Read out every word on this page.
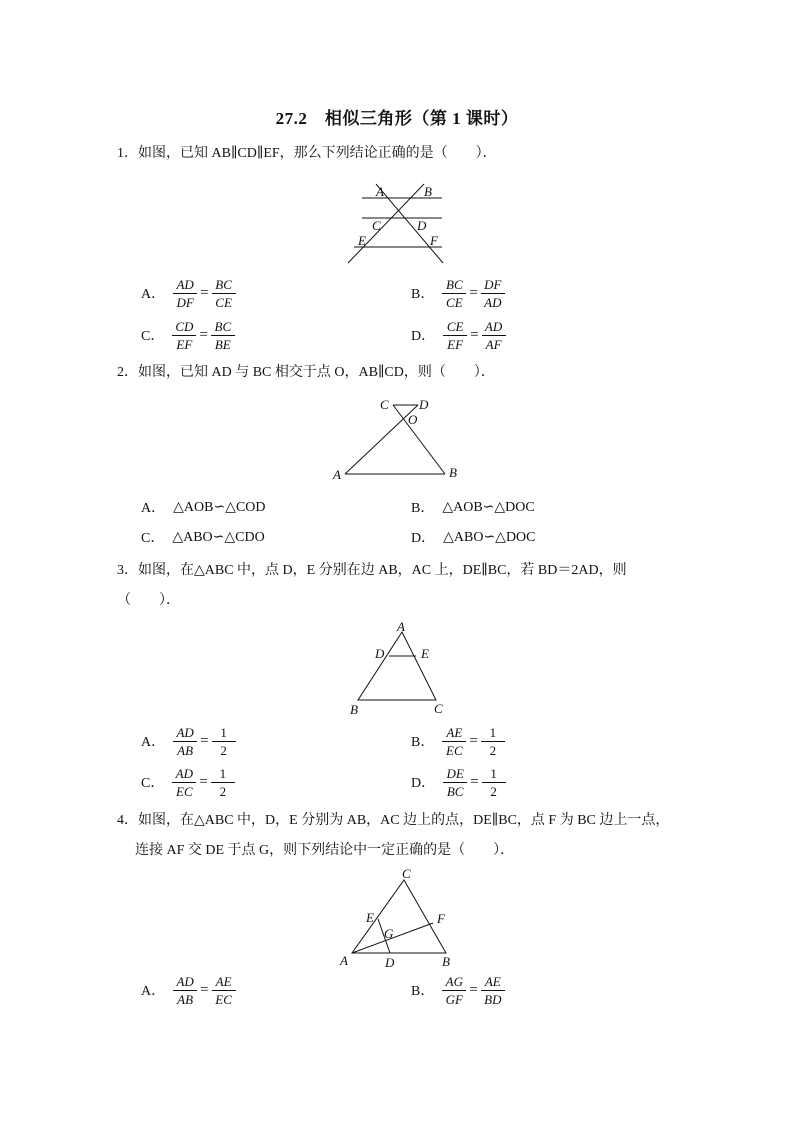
27.2　相似三角形（第 1 课时）
1．如图，已知 AB∥CD∥EF，那么下列结论正确的是（　　）．
A	B
C	D
E	F
A． $\frac{AD}{DF} = \frac{BC}{CE}$	B． $\frac{BC}{CE} = \frac{DF}{AD}$
C． $\frac{CD}{EF} = \frac{BC}{BE}$	D． $\frac{CE}{EF} = \frac{AD}{AF}$
2．如图，已知 AD 与 BC 相交于点 O，AB∥CD，则（　　）．
C D
O
A	B
A． △AOB∽△COD	B． △AOB∽△DOC
C． △ABO∽△CDO	D． △ABO∽△DOC
3．如图，在△ABC 中，点 D，E 分别在边 AB，AC 上，DE∥BC，若 BD＝2AD，则
（　　）．
A
D	E
B	C
A． $\frac{AD}{AB} = \frac{1}{2}$	B． $\frac{AE}{EC} = \frac{1}{2}$
C． $\frac{AD}{EC} = \frac{1}{2}$	D． $\frac{DE}{BC} = \frac{1}{2}$
4．如图，在△ABC 中，D，E 分别为 AB，AC 边上的点，DE∥BC，点 F 为 BC 边上一点，
连接 AF 交 DE 于点 G，则下列结论中一定正确的是（　　）．
C
E	F
G
A	D	B
A． $\frac{AD}{AB} = \frac{AE}{EC}$	B． $\frac{AG}{GF} = \frac{AE}{BD}$
